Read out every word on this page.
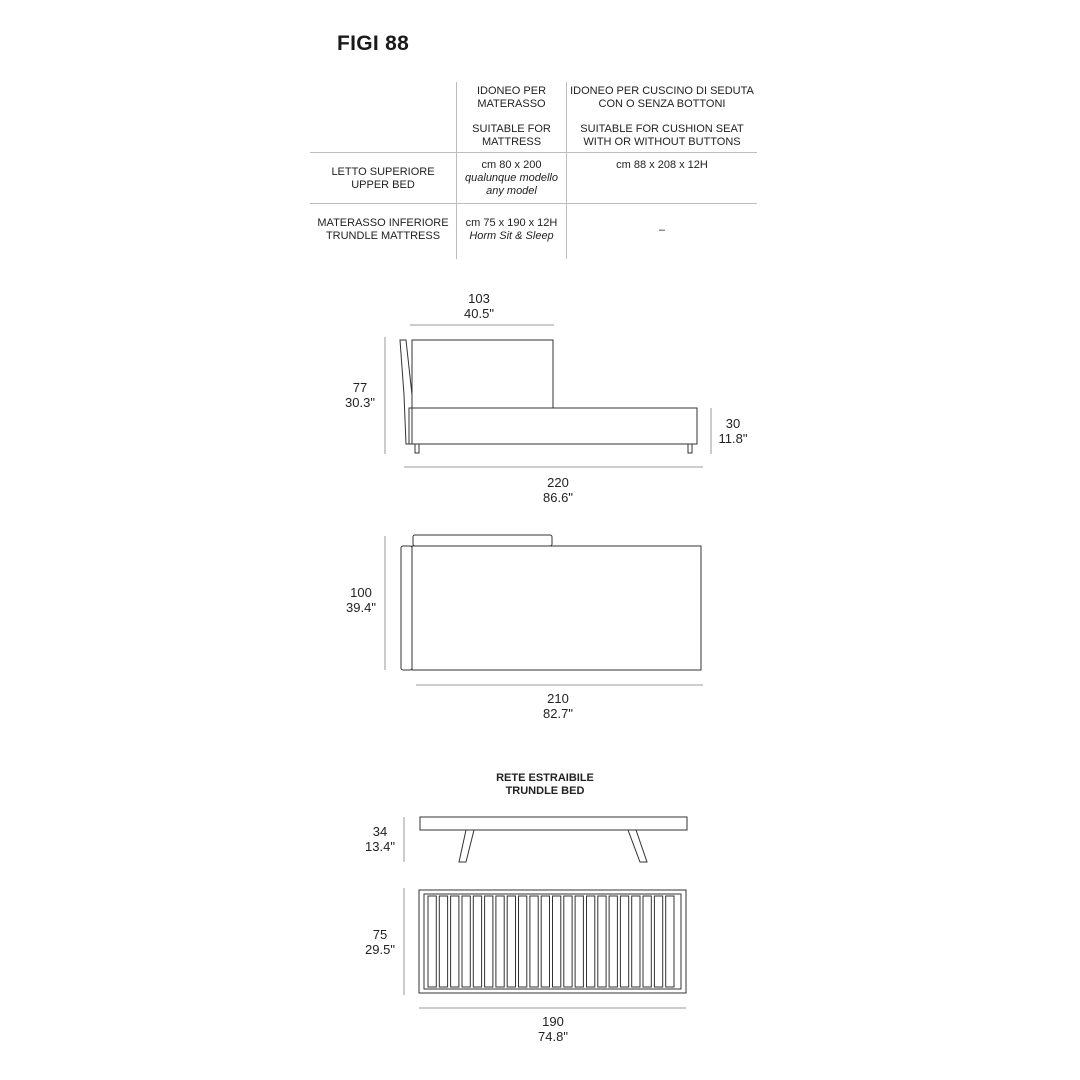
FIGI 88
IDONEO PER
MATERASSO
SUITABLE FOR
MATTRESS
IDONEO PER CUSCINO DI SEDUTA
CON O SENZA BOTTONI
SUITABLE FOR CUSHION SEAT
WITH OR WITHOUT BUTTONS
LETTO SUPERIORE
UPPER BED
cm 80 x 200
qualunque modello
any model
cm 88 x 208 x 12H
MATERASSO INFERIORE
TRUNDLE MATTRESS
cm 75 x 190 x 12H
Horm Sit & Sleep	–
103
40.5"
77
30.3"
30
11.8"
220
86.6"
100
39.4"
210
82.7"
RETE ESTRAIBILE
TRUNDLE BED
34
13.4"
75
29.5"
190
74.8"
